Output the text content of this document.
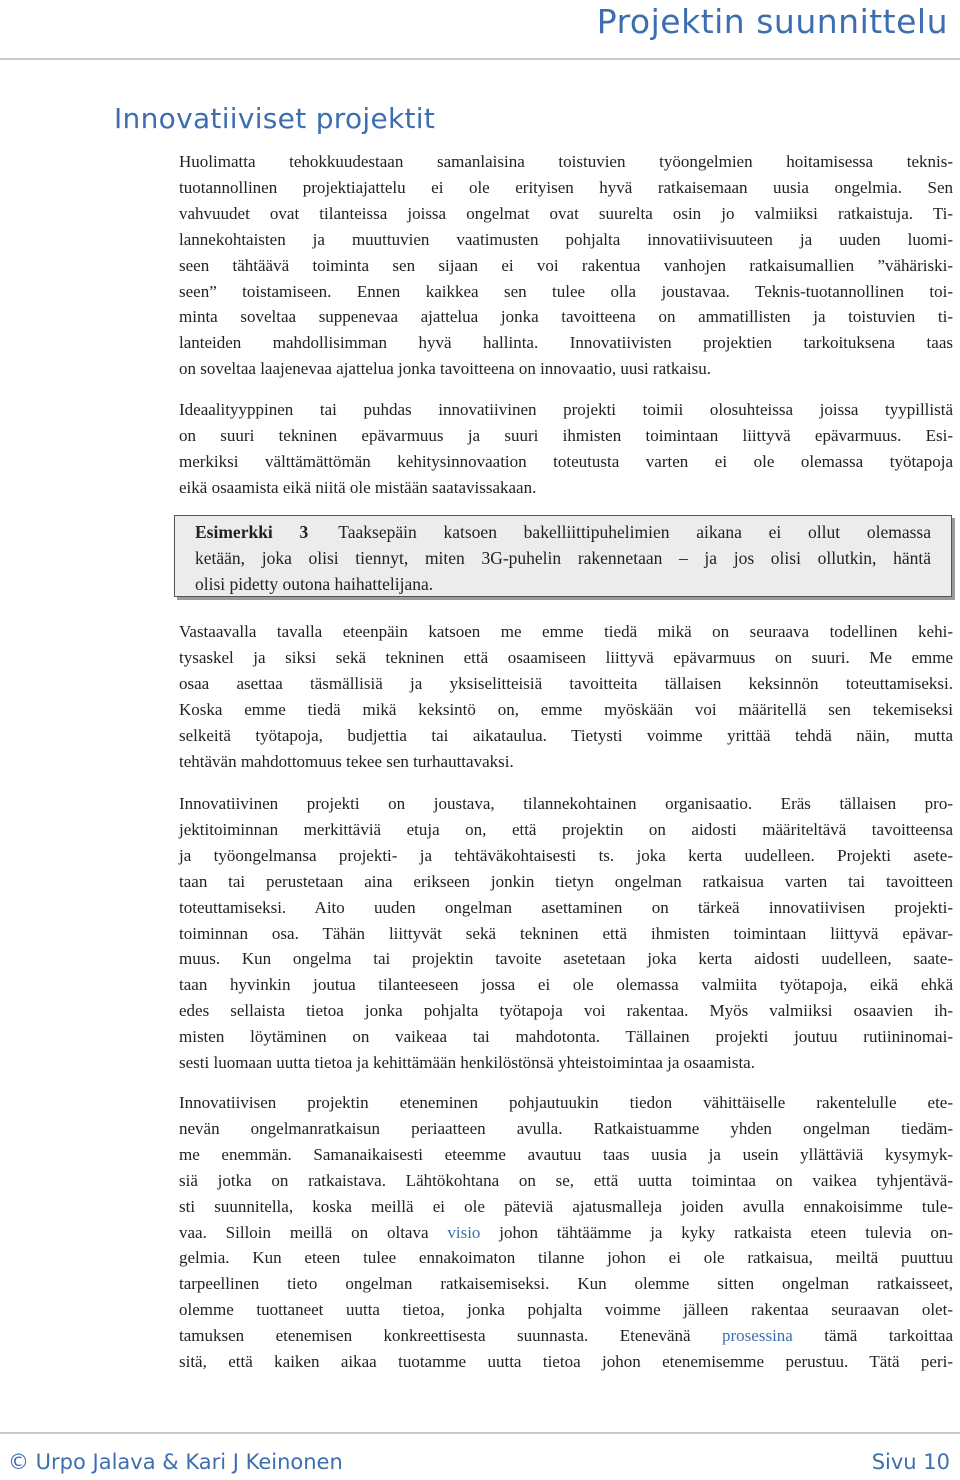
Projektin suunnittelu
Innovatiiviset projektit

Huolimatta tehokkuudestaan samanlaisina toistuvien työongelmien hoitamisessa teknis-
tuotannollinen projektiajattelu ei ole erityisen hyvä ratkaisemaan uusia ongelmia. Sen
vahvuudet ovat tilanteissa joissa ongelmat ovat suurelta osin jo valmiiksi ratkaistuja. Ti-
lannekohtaisten ja muuttuvien vaatimusten pohjalta innovatiivisuuteen ja uuden luomi-
seen tähtäävä toiminta sen sijaan ei voi rakentua vanhojen ratkaisumallien ”vähäriski-
seen” toistamiseen. Ennen kaikkea sen tulee olla joustavaa. Teknis-tuotannollinen toi-
minta soveltaa suppenevaa ajattelua jonka tavoitteena on ammatillisten ja toistuvien ti-
lanteiden mahdollisimman hyvä hallinta. Innovatiivisten projektien tarkoituksena taas
on soveltaa laajenevaa ajattelua jonka tavoitteena on innovaatio, uusi ratkaisu.

Ideaalityyppinen tai puhdas innovatiivinen projekti toimii olosuhteissa joissa tyypillistä
on suuri tekninen epävarmuus ja suuri ihmisten toimintaan liittyvä epävarmuus. Esi-
merkiksi välttämättömän kehitysinnovaation toteutusta varten ei ole olemassa työtapoja
eikä osaamista eikä niitä ole mistään saatavissakaan.

Esimerkki 3 Taaksepäin katsoen bakelliittipuhelimien aikana ei ollut olemassa
ketään, joka olisi tiennyt, miten 3G-puhelin rakennetaan – ja jos olisi ollutkin, häntä
olisi pidetty outona haihattelijana.

Vastaavalla tavalla eteenpäin katsoen me emme tiedä mikä on seuraava todellinen kehi-
tysaskel ja siksi sekä tekninen että osaamiseen liittyvä epävarmuus on suuri. Me emme
osaa asettaa täsmällisiä ja yksiselitteisiä tavoitteita tällaisen keksinnön toteuttamiseksi.
Koska emme tiedä mikä keksintö on, emme myöskään voi määritellä sen tekemiseksi
selkeitä työtapoja, budjettia tai aikataulua. Tietysti voimme yrittää tehdä näin, mutta
tehtävän mahdottomuus tekee sen turhauttavaksi.

Innovatiivinen projekti on joustava, tilannekohtainen organisaatio. Eräs tällaisen pro-
jektitoiminnan merkittäviä etuja on, että projektin on aidosti määriteltävä tavoitteensa
ja työongelmansa projekti- ja tehtäväkohtaisesti ts. joka kerta uudelleen. Projekti asete-
taan tai perustetaan aina erikseen jonkin tietyn ongelman ratkaisua varten tai tavoitteen
toteuttamiseksi. Aito uuden ongelman asettaminen on tärkeä innovatiivisen projekti-
toiminnan osa. Tähän liittyvät sekä tekninen että ihmisten toimintaan liittyvä epävar-
muus. Kun ongelma tai projektin tavoite asetetaan joka kerta aidosti uudelleen, saate-
taan hyvinkin joutua tilanteeseen jossa ei ole olemassa valmiita työtapoja, eikä ehkä
edes sellaista tietoa jonka pohjalta työtapoja voi rakentaa. Myös valmiiksi osaavien ih-
misten löytäminen on vaikeaa tai mahdotonta. Tällainen projekti joutuu rutiininomai-
sesti luomaan uutta tietoa ja kehittämään henkilöstönsä yhteistoimintaa ja osaamista.

Innovatiivisen projektin eteneminen pohjautuukin tiedon vähittäiselle rakentelulle ete-
nevän ongelmanratkaisun periaatteen avulla. Ratkaistuamme yhden ongelman tiedäm-
me enemmän. Samanaikaisesti eteemme avautuu taas uusia ja usein yllättäviä kysymyk-
siä jotka on ratkaistava. Lähtökohtana on se, että uutta toimintaa on vaikea tyhjentävä-
sti suunnitella, koska meillä ei ole päteviä ajatusmalleja joiden avulla ennakoisimme tule-
vaa. Silloin meillä on oltava visio johon tähtäämme ja kyky ratkaista eteen tulevia on-
gelmia. Kun eteen tulee ennakoimaton tilanne johon ei ole ratkaisua, meiltä puuttuu
tarpeellinen tieto ongelman ratkaisemiseksi. Kun olemme sitten ongelman ratkaisseet,
olemme tuottaneet uutta tietoa, jonka pohjalta voimme jälleen rakentaa seuraavan olet-
tamuksen etenemisen konkreettisesta suunnasta. Etenevänä prosessina tämä tarkoittaa
sitä, että kaiken aikaa tuotamme uutta tietoa johon etenemisemme perustuu. Tätä peri-

© Urpo Jalava & Kari J Keinonen	Sivu 10
